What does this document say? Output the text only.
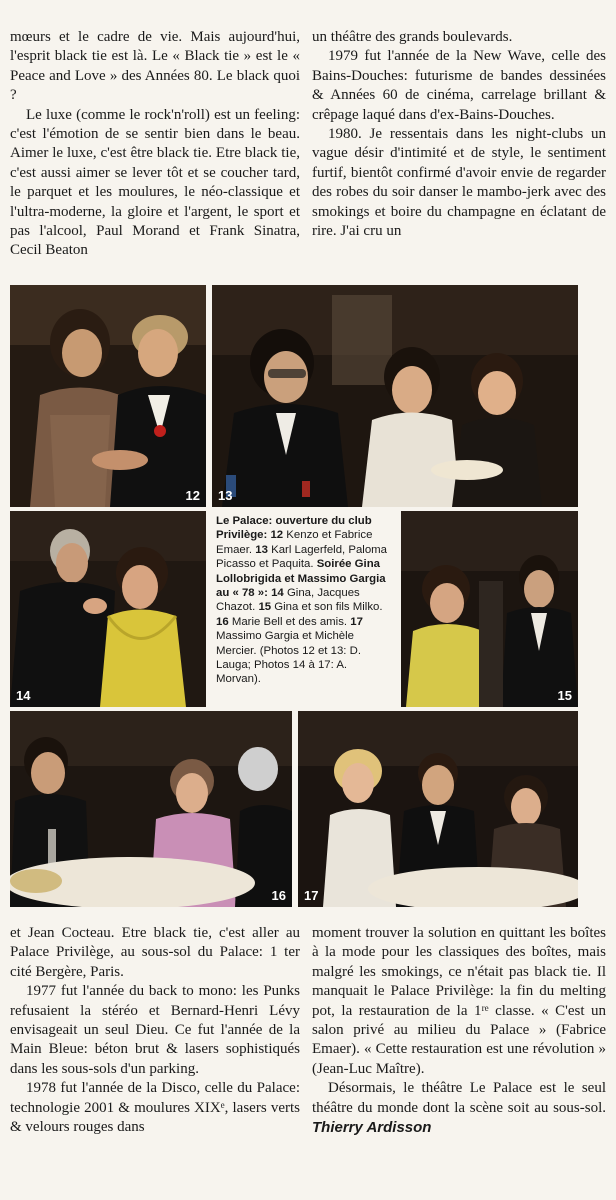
mœurs et le cadre de vie. Mais aujourd'hui, l'esprit black tie est là. Le « Black tie » est le « Peace and Love » des Années 80. Le black quoi ?

Le luxe (comme le rock'n'roll) est un feeling: c'est l'émotion de se sentir bien dans le beau. Aimer le luxe, c'est être black tie. Etre black tie, c'est aussi aimer se lever tôt et se coucher tard, le parquet et les moulures, le néo-classique et l'ultra-moderne, la gloire et l'argent, le sport et pas l'alcool, Paul Morand et Frank Sinatra, Cecil Beaton

un théâtre des grands boulevards.

1979 fut l'année de la New Wave, celle des Bains-Douches: futurisme de bandes dessinées & Années 60 de cinéma, carrelage brillant & crêpage laqué dans d'ex-Bains-Douches.

1980. Je ressentais dans les night-clubs un vague désir d'intimité et de style, le sentiment furtif, bientôt confirmé d'avoir envie de regarder des robes du soir danser le mambo-jerk avec des smokings et boire du champagne en éclatant de rire. J'ai cru un

12 13
14
Le Palace: ouverture du club Privilège: 12 Kenzo et Fabrice Emaer. 13 Karl Lagerfeld, Paloma Picasso et Paquita. Soirée Gina Lollobrigida et Massimo Gargia au « 78 »: 14 Gina, Jacques Chazot. 15 Gina et son fils Milko. 16 Marie Bell et des amis. 17 Massimo Gargia et Michèle Mercier. (Photos 12 et 13: D. Lauga; Photos 14 à 17: A. Morvan).
15
16 17

et Jean Cocteau. Etre black tie, c'est aller au Palace Privilège, au sous-sol du Palace: 1 ter cité Bergère, Paris.

1977 fut l'année du back to mono: les Punks refusaient la stéréo et Bernard-Henri Lévy envisageait un seul Dieu. Ce fut l'année de la Main Bleue: béton brut & lasers sophistiqués dans les sous-sols d'un parking.

1978 fut l'année de la Disco, celle du Palace: technologie 2001 & moulures XIXᵉ, lasers verts & velours rouges dans

moment trouver la solution en quittant les boîtes à la mode pour les classiques des boîtes, mais malgré les smokings, ce n'était pas black tie. Il manquait le Palace Privilège: la fin du melting pot, la restauration de la 1ʳᵉ classe. « C'est un salon privé au milieu du Palace » (Fabrice Emaer). « Cette restauration est une révolution » (Jean-Luc Maître).

Désormais, le théâtre Le Palace est le seul théâtre du monde dont la scène soit au sous-sol. Thierry Ardisson
